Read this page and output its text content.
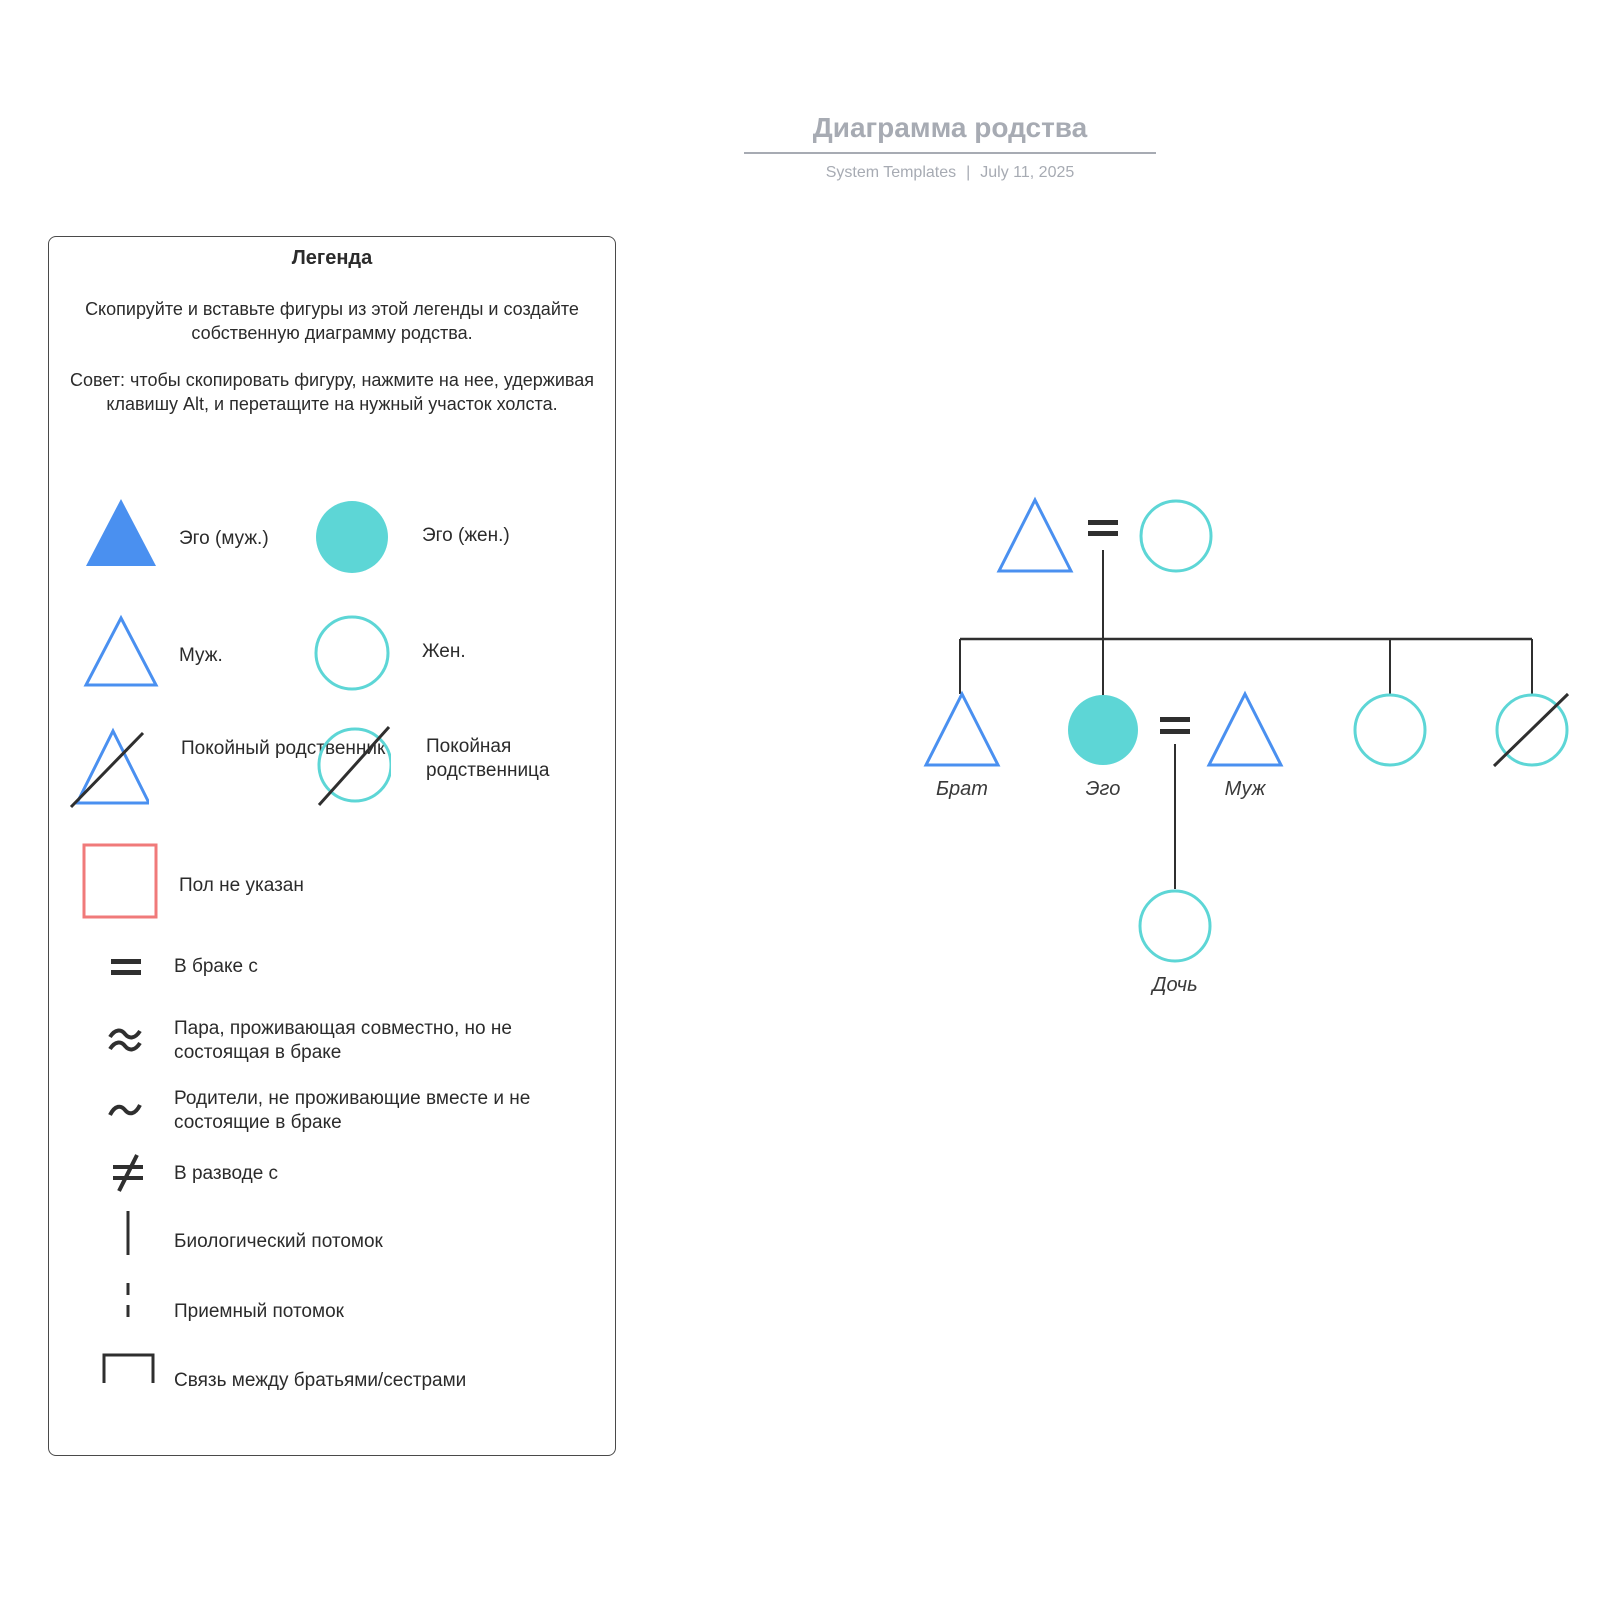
Диаграмма родства
System Templates | July 11, 2025
Легенда
Скопируйте и вставьте фигуры из этой легенды и создайте собственную диаграмму родства.
Совет: чтобы скопировать фигуру, нажмите на нее, удерживая клавишу Alt, и перетащите на нужный участок холста.
Эго (муж.)	Эго (жен.)
Муж.	Жен.
Покойный родственник Покойная родственница
Пол не указан
В браке с
Пара, проживающая совместно, но не состоящая в браке
Родители, не проживающие вместе и не состоящие в браке
В разводе с
Биологический потомок
Приемный потомок
Связь между братьями/сестрами
Брат	Эго	Муж
Дочь
